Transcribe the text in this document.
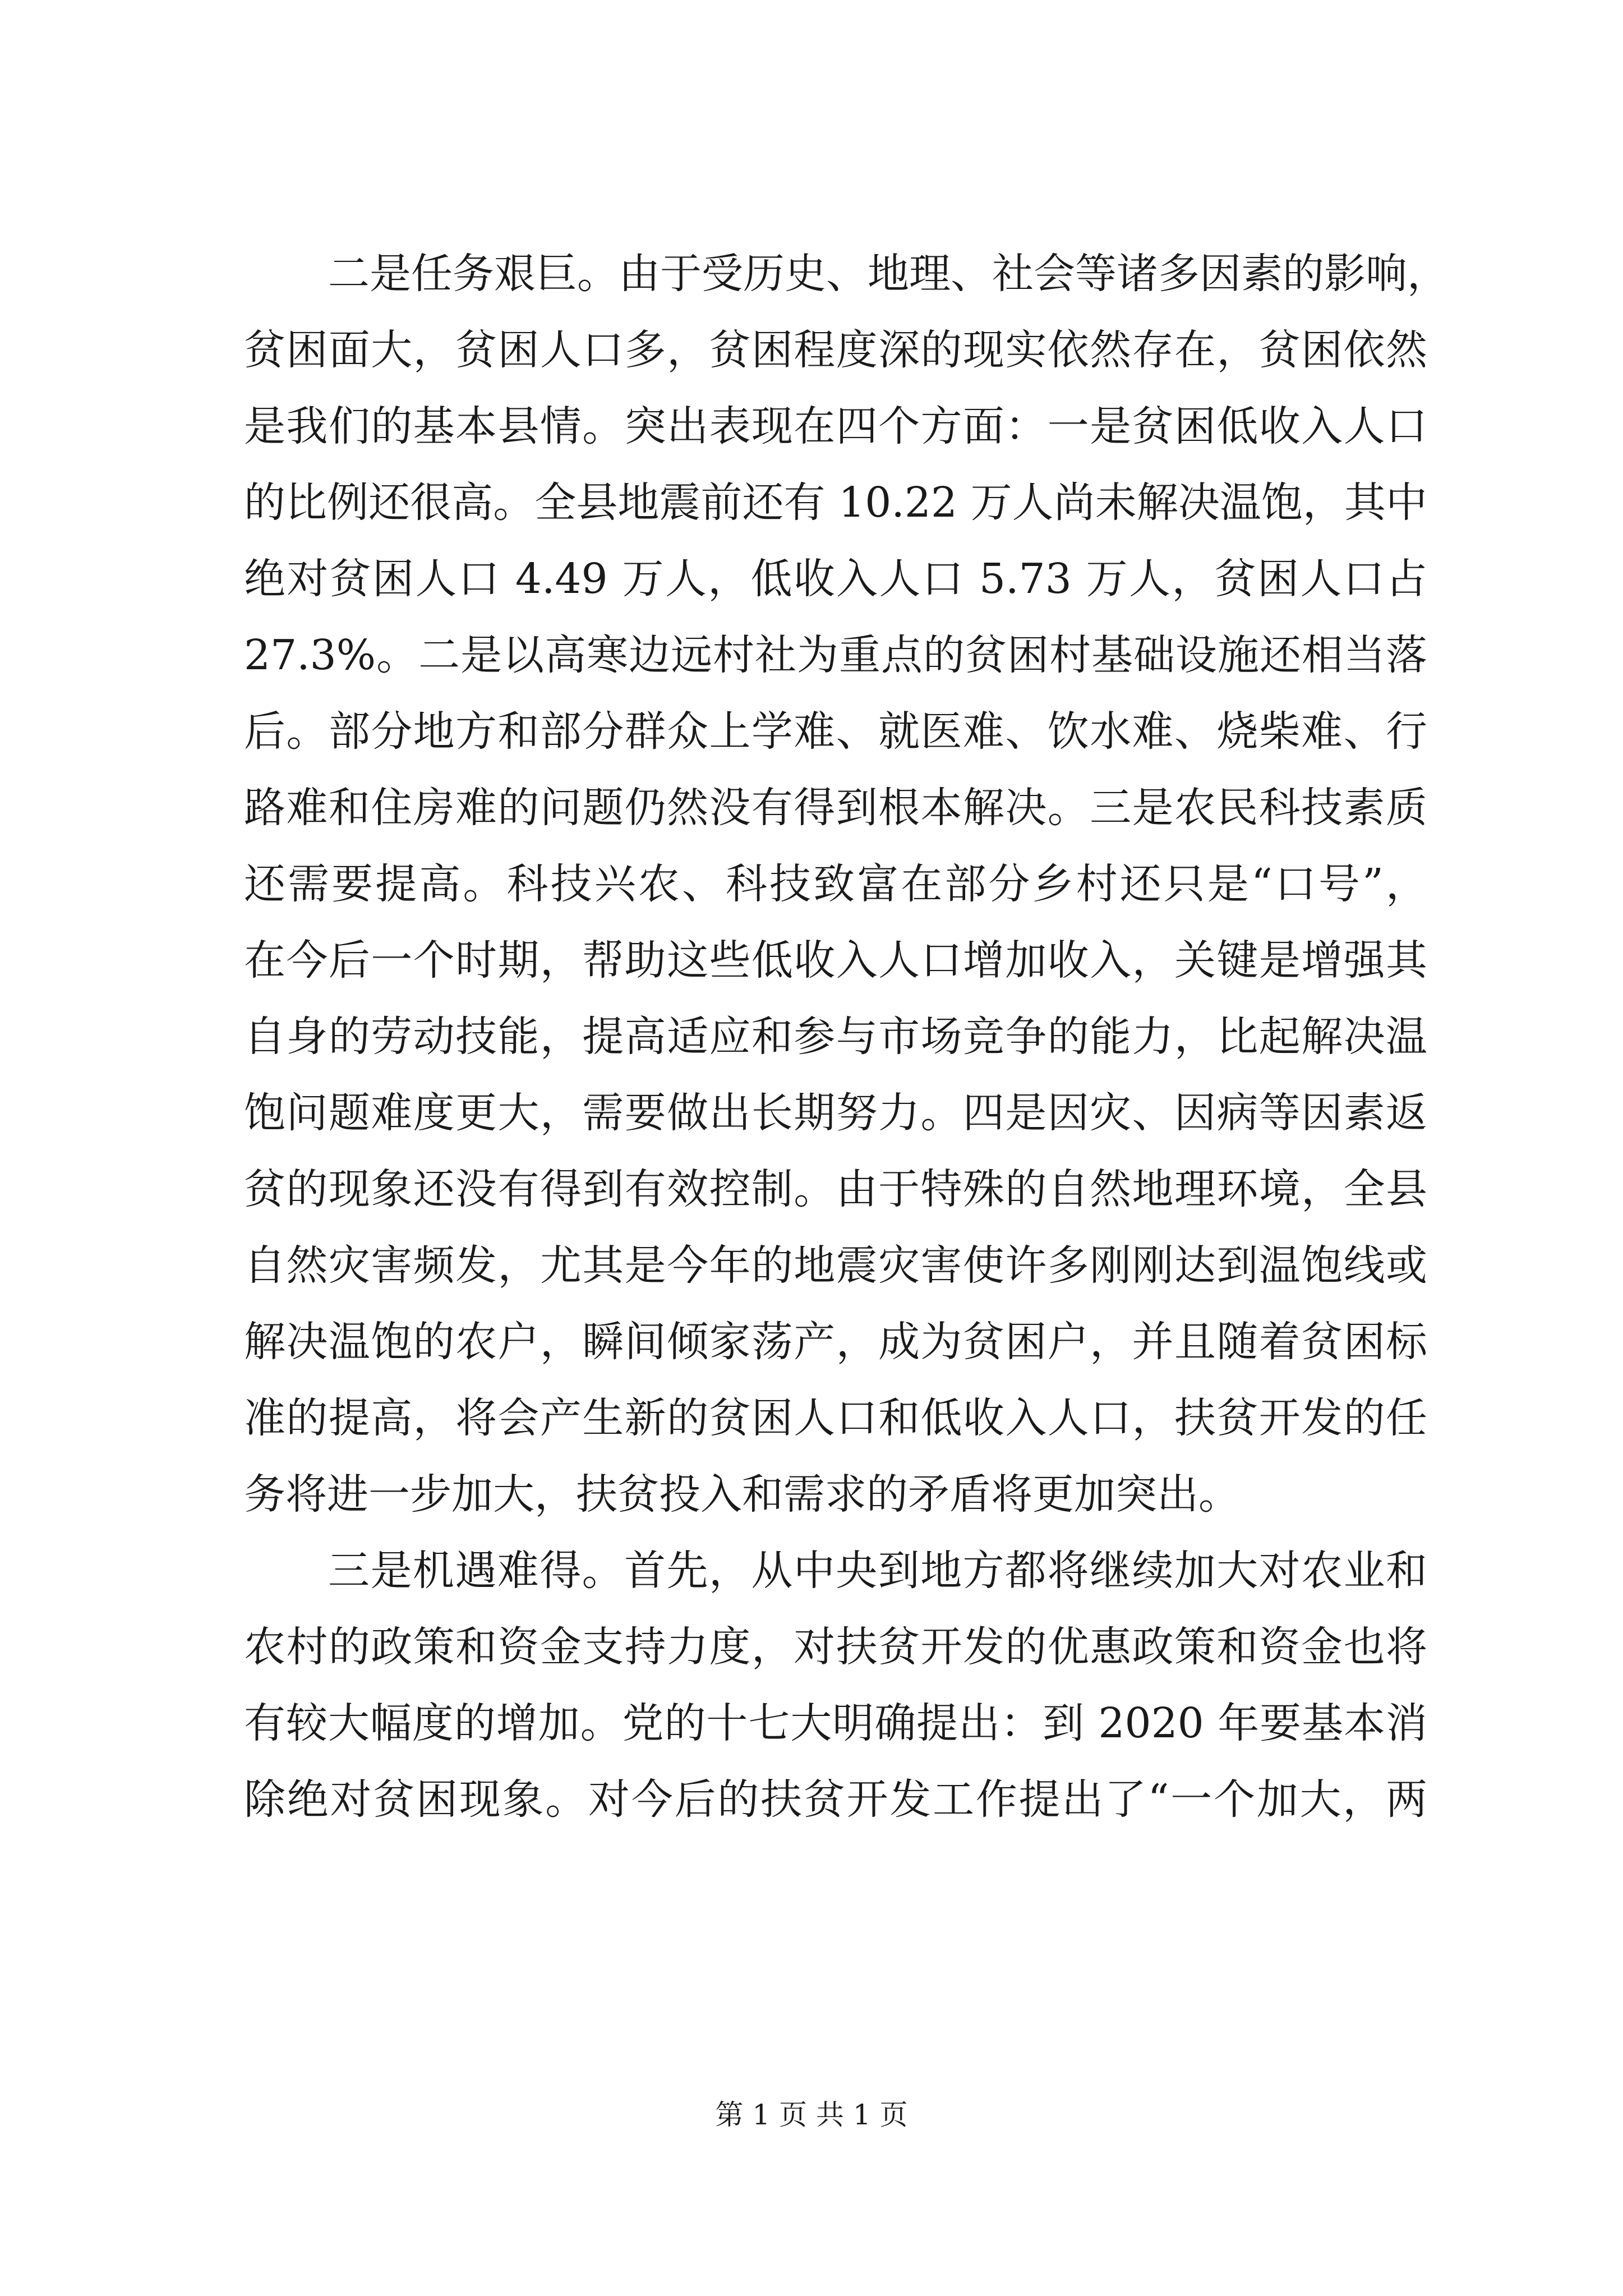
二是任务艰巨。由于受历史、地理、社会等诸多因素的影响，
贫困面大，贫困人口多，贫困程度深的现实依然存在，贫困依然
是我们的基本县情。突出表现在四个方面：一是贫困低收入人口
的比例还很高。全县地震前还有 10.22 万人尚未解决温饱，其中
绝对贫困人口 4.49 万人，低收入人口 5.73 万人，贫困人口占
27.3%。二是以高寒边远村社为重点的贫困村基础设施还相当落
后。部分地方和部分群众上学难、就医难、饮水难、烧柴难、行
路难和住房难的问题仍然没有得到根本解决。三是农民科技素质
还需要提高。科技兴农、科技致富在部分乡村还只是“口号”，
在今后一个时期，帮助这些低收入人口增加收入，关键是增强其
自身的劳动技能，提高适应和参与市场竞争的能力，比起解决温
饱问题难度更大，需要做出长期努力。四是因灾、因病等因素返
贫的现象还没有得到有效控制。由于特殊的自然地理环境，全县
自然灾害频发，尤其是今年的地震灾害使许多刚刚达到温饱线或
解决温饱的农户，瞬间倾家荡产，成为贫困户，并且随着贫困标
准的提高，将会产生新的贫困人口和低收入人口，扶贫开发的任
务将进一步加大，扶贫投入和需求的矛盾将更加突出。
三是机遇难得。首先，从中央到地方都将继续加大对农业和
农村的政策和资金支持力度，对扶贫开发的优惠政策和资金也将
有较大幅度的增加。党的十七大明确提出：到 2020 年要基本消
除绝对贫困现象。对今后的扶贫开发工作提出了“一个加大，两
第 1 页 共 1 页
